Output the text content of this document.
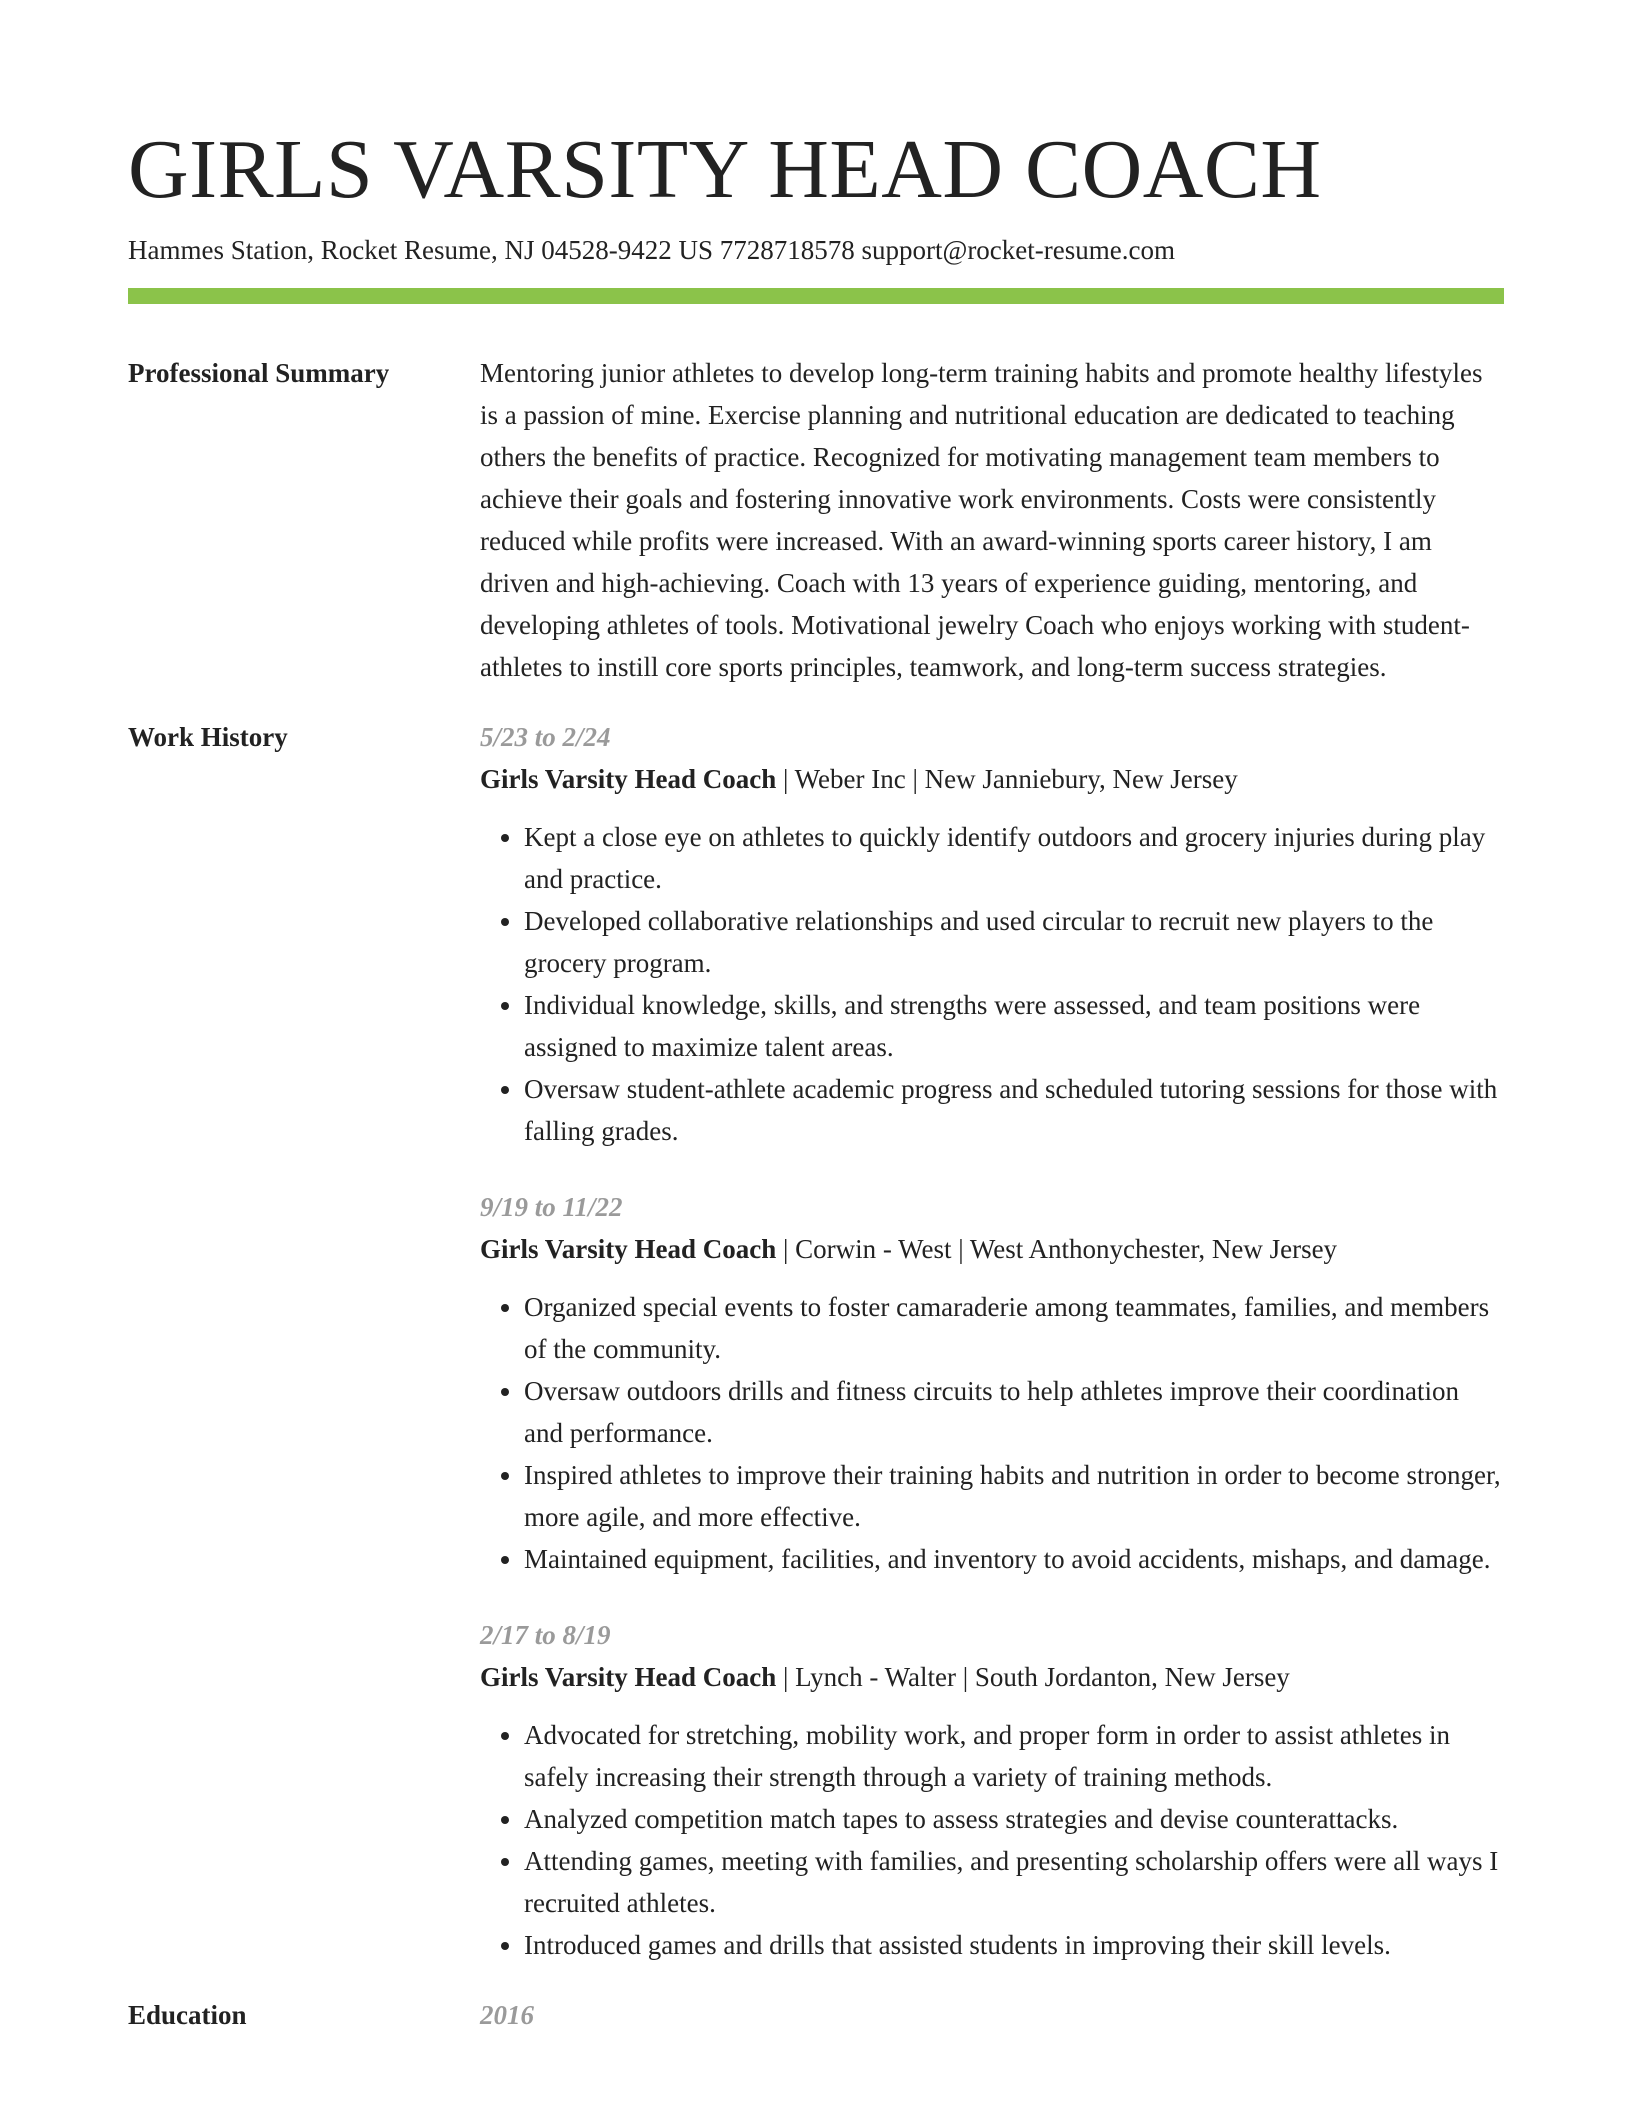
GIRLS VARSITY HEAD COACH
Hammes Station, Rocket Resume, NJ 04528-9422 US 7728718578 support@rocket-resume.com
Professional Summary	Mentoring junior athletes to develop long-term training habits and promote healthy lifestyles is a passion of mine. Exercise planning and nutritional education are dedicated to teaching others the benefits of practice. Recognized for motivating management team members to achieve their goals and fostering innovative work environments. Costs were consistently reduced while profits were increased. With an award-winning sports career history, I am driven and high-achieving. Coach with 13 years of experience guiding, mentoring, and developing athletes of tools. Motivational jewelry Coach who enjoys working with student-athletes to instill core sports principles, teamwork, and long-term success strategies.

Work History	5/23 to 2/24
Girls Varsity Head Coach | Weber Inc | New Janniebury, New Jersey
• Kept a close eye on athletes to quickly identify outdoors and grocery injuries during play and practice.
• Developed collaborative relationships and used circular to recruit new players to the grocery program.
• Individual knowledge, skills, and strengths were assessed, and team positions were assigned to maximize talent areas.
• Oversaw student-athlete academic progress and scheduled tutoring sessions for those with falling grades.
9/19 to 11/22
Girls Varsity Head Coach | Corwin - West | West Anthonychester, New Jersey
• Organized special events to foster camaraderie among teammates, families, and members of the community.
• Oversaw outdoors drills and fitness circuits to help athletes improve their coordination and performance.
• Inspired athletes to improve their training habits and nutrition in order to become stronger, more agile, and more effective.
• Maintained equipment, facilities, and inventory to avoid accidents, mishaps, and damage.
2/17 to 8/19
Girls Varsity Head Coach | Lynch - Walter | South Jordanton, New Jersey
• Advocated for stretching, mobility work, and proper form in order to assist athletes in safely increasing their strength through a variety of training methods.
• Analyzed competition match tapes to assess strategies and devise counterattacks.
• Attending games, meeting with families, and presenting scholarship offers were all ways I recruited athletes.
• Introduced games and drills that assisted students in improving their skill levels.
Education	2016
